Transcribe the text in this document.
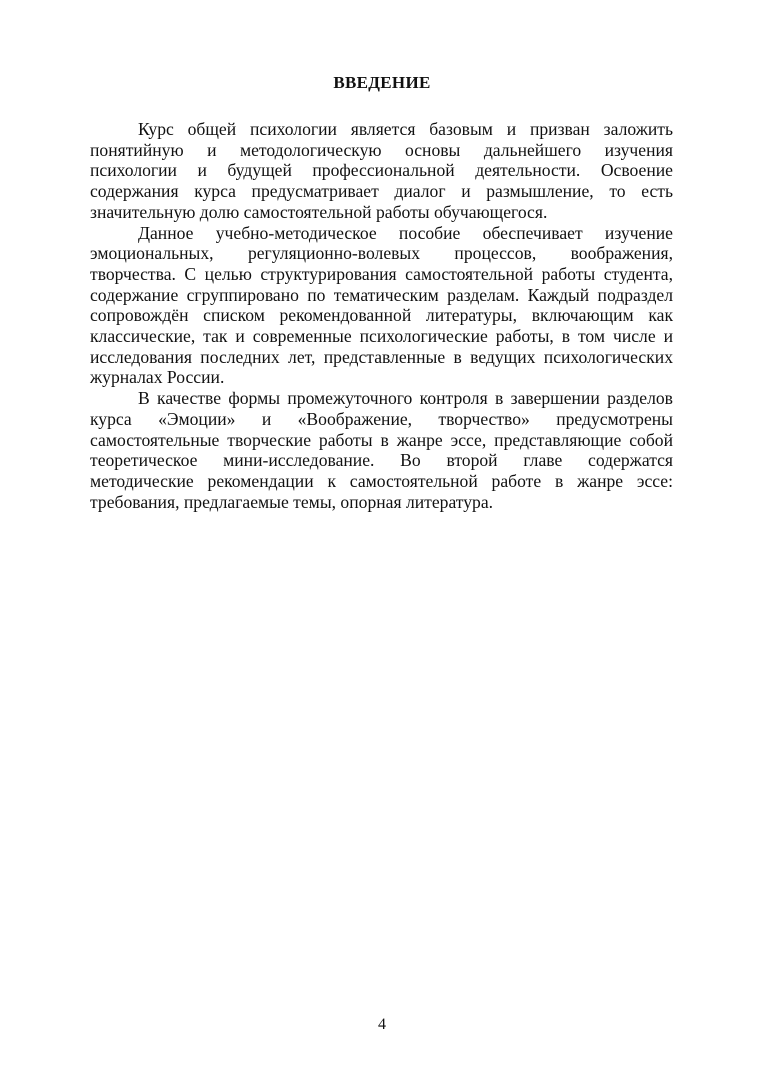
ВВЕДЕНИЕ

Курс общей психологии является базовым и призван заложить
понятийную и методологическую основы дальнейшего изучения
психологии и будущей профессиональной деятельности. Освоение
содержания курса предусматривает диалог и размышление, то есть
значительную долю самостоятельной работы обучающегося.

Данное учебно-методическое пособие обеспечивает изучение
эмоциональных, регуляционно-волевых процессов, воображения,
творчества. С целью структурирования самостоятельной работы студента,
содержание сгруппировано по тематическим разделам. Каждый подраздел
сопровождён списком рекомендованной литературы, включающим как
классические, так и современные психологические работы, в том числе и
исследования последних лет, представленные в ведущих психологических
журналах России.

В качестве формы промежуточного контроля в завершении разделов
курса «Эмоции» и «Воображение, творчество» предусмотрены
самостоятельные творческие работы в жанре эссе, представляющие собой
теоретическое мини-исследование. Во второй главе содержатся
методические рекомендации к самостоятельной работе в жанре эссе:
требования, предлагаемые темы, опорная литература.

4
